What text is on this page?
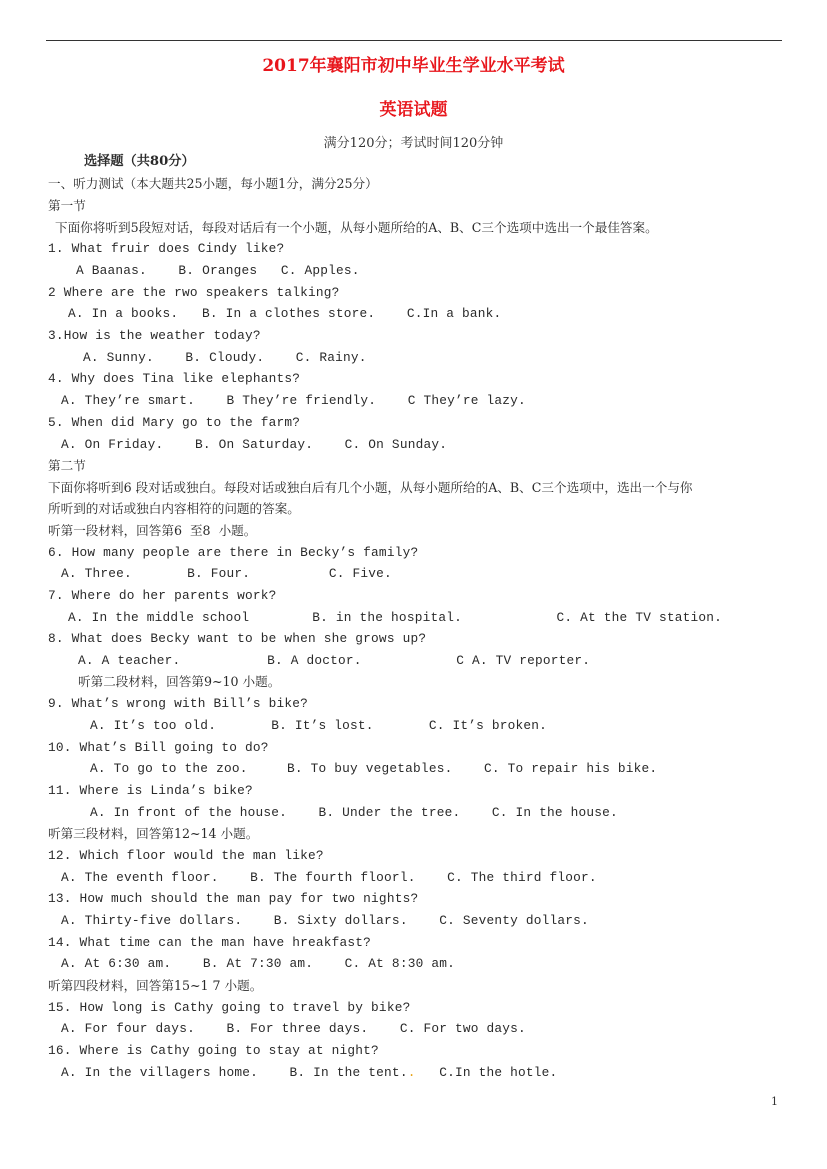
2017年襄阳市初中毕业生学业水平考试
英语试题
满分120分；考试时间120分钟
选择题（共80分）
一、听力测试（本大题共25小题，每小题1分，满分25分）
第一节
下面你将听到5段短对话，每段对话后有一个小题，从每小题所给的A、B、C三个选项中选出一个最佳答案。
1. What fruir does Cindy like?
A Baanas.    B. Oranges   C. Apples.
2 Where are the rwo speakers talking?
A. In a books.   B. In a clothes store.    C.In a bank.
3.How is the weather today?
A. Sunny.    B. Cloudy.    C. Rainy.
4. Why does Tina like elephants?
A. They’re smart.    B They’re friendly.    C They’re lazy.
5. When did Mary go to the farm?
A. On Friday.    B. On Saturday.    C. On Sunday.
第二节
下面你将听到6 段对话或独白。每段对话或独白后有几个小题，从每小题所给的A、B、C三个选项中，选出一个与你
所听到的对话或独白内容相符的问题的答案。
听第一段材料，回答第6  至8  小题。
6. How many people are there in Becky’s family?
A. Three.       B. Four.          C. Five.
7. Where do her parents work?
A. In the middle school        B. in the hospital.            C. At the TV station.
8. What does Becky want to be when she grows up?
A. A teacher.           B. A doctor.            C A. TV reporter.
听第二段材料，回答第9~10 小题。
9. What’s wrong with Bill’s bike?
A. It’s too old.       B. It’s lost.       C. It’s broken.
10. What’s Bill going to do?
A. To go to the zoo.     B. To buy vegetables.    C. To repair his bike.
11. Where is Linda’s bike?
A. In front of the house.    B. Under the tree.    C. In the house.
听第三段材料，回答第12~14 小题。
12. Which floor would the man like?
A. The eventh floor.    B. The fourth floorl.    C. The third floor.
13. How much should the man pay for two nights?
A. Thirty-five dollars.    B. Sixty dollars.    C. Seventy dollars.
14. What time can the man have hreakfast?
A. At 6:30 am.    B. At 7:30 am.    C. At 8:30 am.
听第四段材料，回答第15~1 7 小题。
15. How long is Cathy going to travel by bike?
A. For four days.    B. For three days.    C. For two days.
16. Where is Cathy going to stay at night?
A. In the villagers home.    B. In the tent..   C.In the hotle.
1
